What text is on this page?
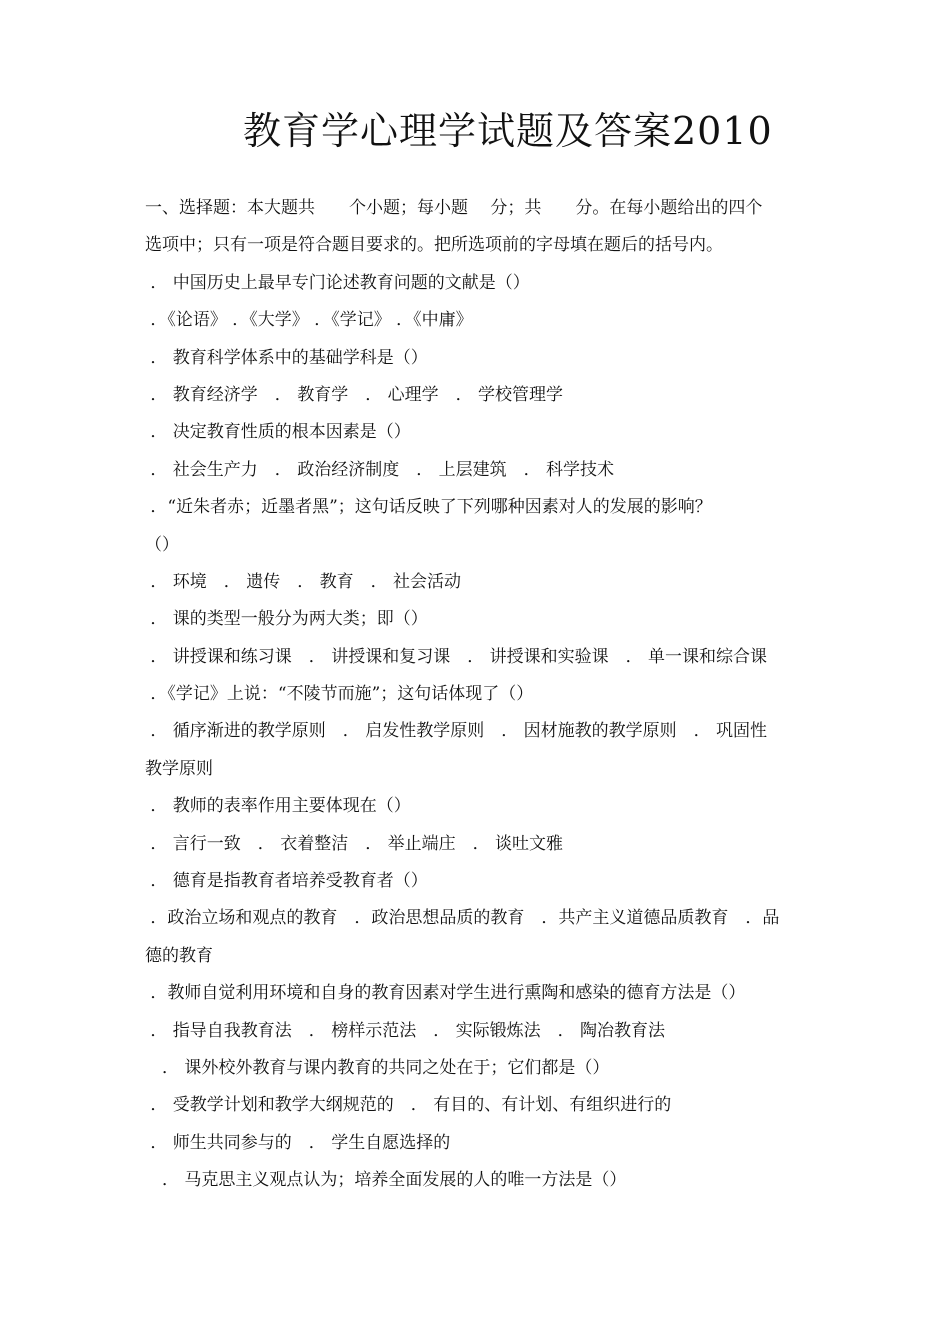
教育学心理学试题及答案2010
一、选择题：本大题共　　个小题；每小题　 分；共　　分。在每小题给出的四个
选项中；只有一项是符合题目要求的。把所选项前的字母填在题后的括号内。
． 中国历史上最早专门论述教育问题的文献是（）
．《论语》 ．《大学》 ．《学记》 ．《中庸》
． 教育科学体系中的基础学科是（）
． 教育经济学　． 教育学　． 心理学　． 学校管理学
． 决定教育性质的根本因素是（）
． 社会生产力　． 政治经济制度　． 上层建筑　． 科学技术
．“近朱者赤；近墨者黑”；这句话反映了下列哪种因素对人的发展的影响？
（）
． 环境　． 遗传　． 教育　． 社会活动
． 课的类型一般分为两大类；即（）
． 讲授课和练习课　． 讲授课和复习课　． 讲授课和实验课　． 单一课和综合课
．《学记》上说：“不陵节而施”；这句话体现了（）
． 循序渐进的教学原则　． 启发性教学原则　． 因材施教的教学原则　． 巩固性
教学原则
． 教师的表率作用主要体现在（）
． 言行一致　． 衣着整洁　． 举止端庄　． 谈吐文雅
． 德育是指教育者培养受教育者（）
．政治立场和观点的教育　．政治思想品质的教育　．共产主义道德品质教育　．品
德的教育
．教师自觉利用环境和自身的教育因素对学生进行熏陶和感染的德育方法是（）
． 指导自我教育法　． 榜样示范法　． 实际锻炼法　． 陶冶教育法
　． 课外校外教育与课内教育的共同之处在于；它们都是（）
． 受教学计划和教学大纲规范的　． 有目的、有计划、有组织进行的
． 师生共同参与的　． 学生自愿选择的
　． 马克思主义观点认为；培养全面发展的人的唯一方法是（）
